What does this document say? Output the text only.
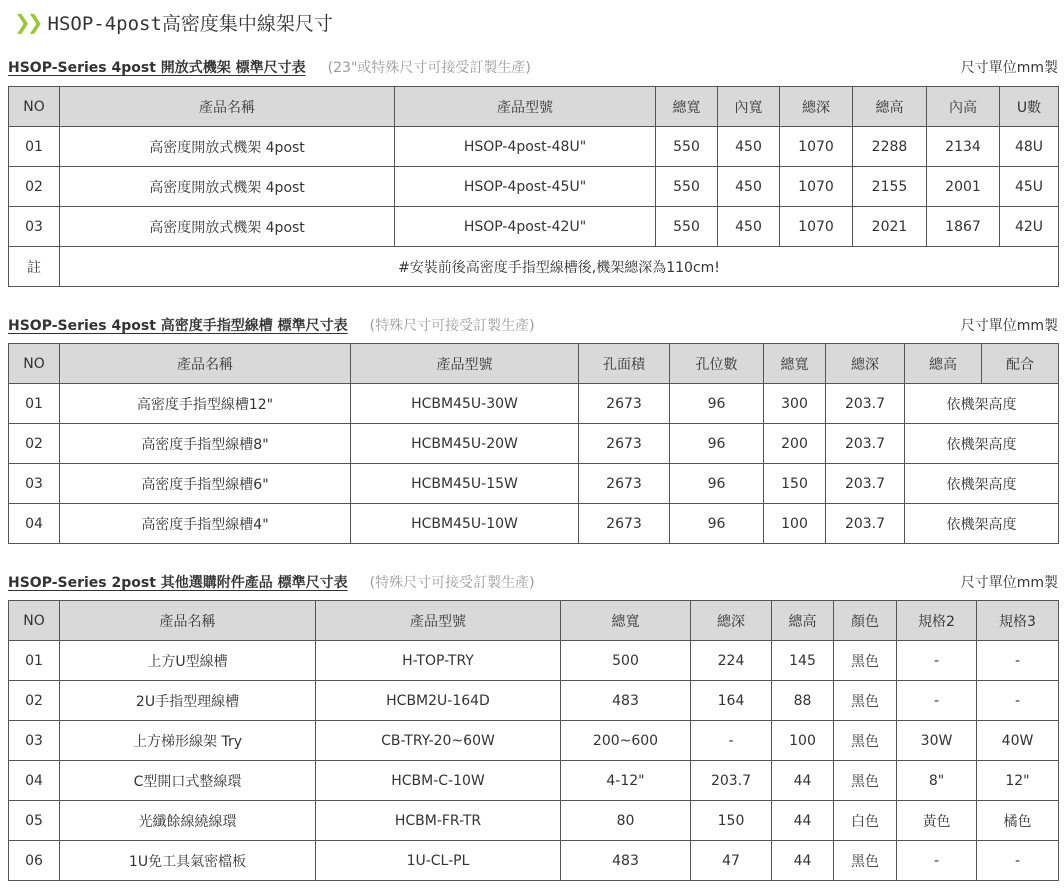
❯❯ HSOP-4post高密度集中線架尺寸
HSOP-Series 4post 開放式機架 標準尺寸表 (23"或特殊尺寸可接受訂製生產)	尺寸單位mm製
NO	產品名稱	產品型號	總寬	內寬	總深	總高	內高	U數
01	高密度開放式機架 4post	HSOP-4post-48U"	550	450	1070	2288	2134	48U
02	高密度開放式機架 4post	HSOP-4post-45U"	550	450	1070	2155	2001	45U
03	高密度開放式機架 4post	HSOP-4post-42U"	550	450	1070	2021	1867	42U
註	#安裝前後高密度手指型線槽後,機架總深為110cm!							
HSOP-Series 4post 高密度手指型線槽 標準尺寸表 (特殊尺寸可接受訂製生產)	尺寸單位mm製
NO	產品名稱	產品型號	孔面積	孔位數	總寬	總深	總高	配合
01	高密度手指型線槽12"	HCBM45U-30W	2673	96	300	203.7	依機架高度	
02	高密度手指型線槽8"	HCBM45U-20W	2673	96	200	203.7	依機架高度	
03	高密度手指型線槽6"	HCBM45U-15W	2673	96	150	203.7	依機架高度	
04	高密度手指型線槽4"	HCBM45U-10W	2673	96	100	203.7	依機架高度	
HSOP-Series 2post 其他選購附件產品 標準尺寸表 (特殊尺寸可接受訂製生產)	尺寸單位mm製
NO	產品名稱	產品型號	總寬	總深	總高	顏色	規格2	規格3
01	上方U型線槽	H-TOP-TRY	500	224	145	黑色	-	-
02	2U手指型理線槽	HCBM2U-164D	483	164	88	黑色	-	-
03	上方梯形線架 Try	CB-TRY-20~60W	200~600	-	100	黑色	30W	40W
04	C型開口式整線環	HCBM-C-10W	4-12"	203.7	44	黑色	8"	12"
05	光纖餘線繞線環	HCBM-FR-TR	80	150	44	白色	黃色	橘色
06	1U免工具氣密檔板	1U-CL-PL	483	47	44	黑色	-	-
